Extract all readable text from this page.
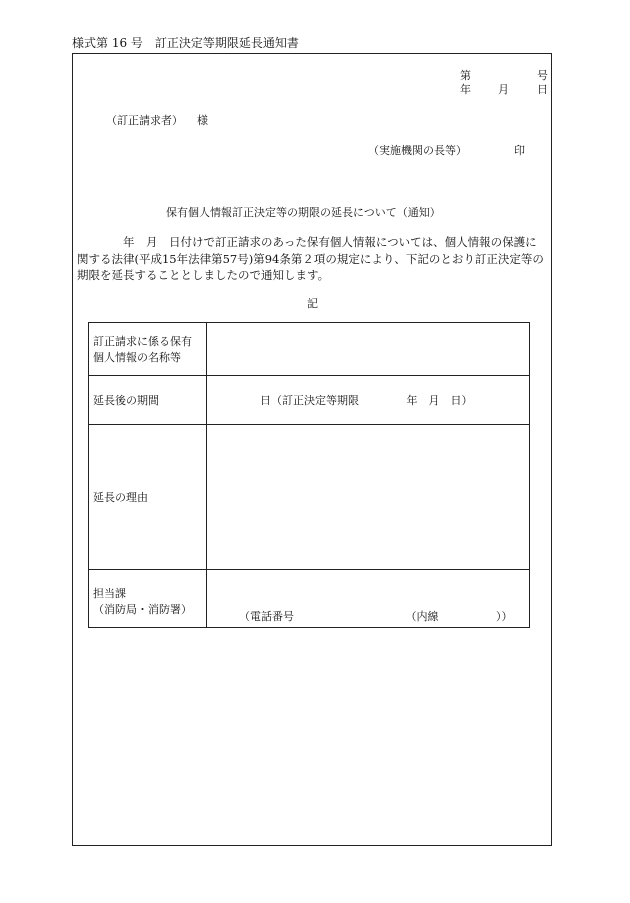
様式第 16 号　訂正決定等期限延長通知書
第	号
年 月	日
（訂正請求者） 様
（実施機関の長等）	印
保有個人情報訂正決定等の期限の延長について（通知）
　　　　年　月　日付けで訂正請求のあった保有個人情報については、個人情報の保護に
関する法律(平成15年法律第57号)第94条第２項の規定により、下記のとおり訂正決定等の
期限を延長することとしましたので通知します。
記
訂正請求に係る保有
個人情報の名称等	

延長後の期間	日（訂正決定等期限 年　月　日）
延長の理由	

担当課
（消防局・消防署）	（電話番号 （内線 ））
